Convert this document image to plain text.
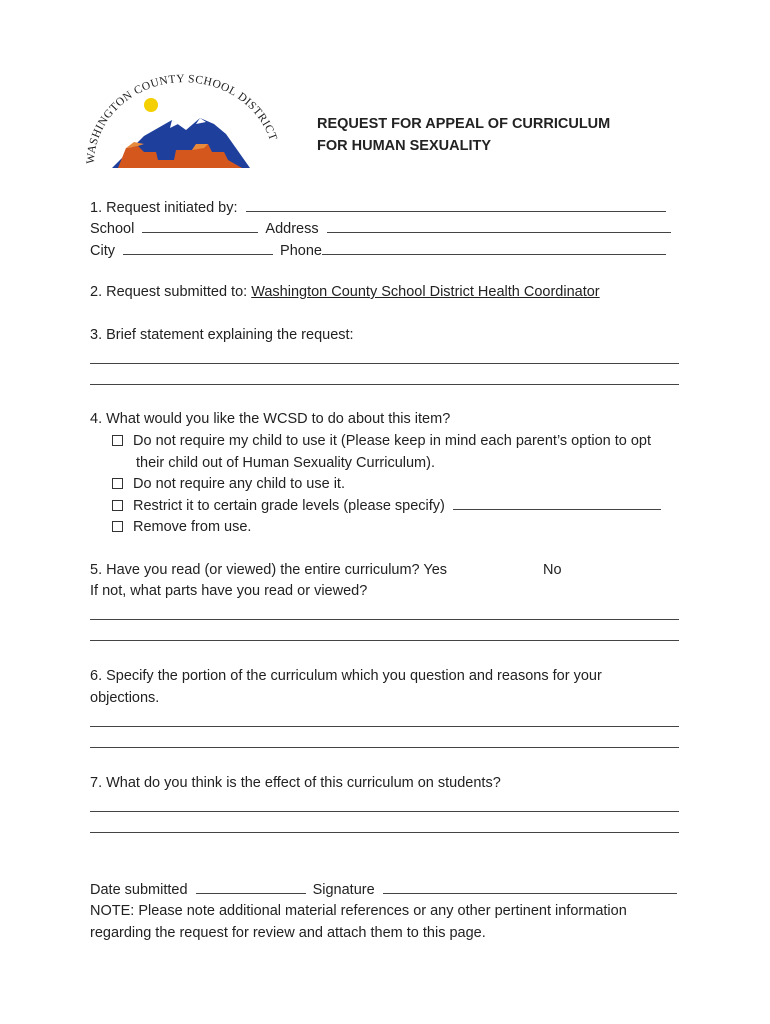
WASHINGTON COUNTY SCHOOL DISTRICT
REQUEST FOR APPEAL OF CURRICULUM
FOR HUMAN SEXUALITY
1. Request initiated by:
School	Address
City	Phone
2. Request submitted to: Washington County School District Health Coordinator
3. Brief statement explaining the request:
4. What would you like the WCSD to do about this item?
Do not require my child to use it (Please keep in mind each parent’s option to opt
their child out of Human Sexuality Curriculum).
Do not require any child to use it.
Restrict it to certain grade levels (please specify)
Remove from use.
5. Have you read (or viewed) the entire curriculum? Yes	No
If not, what parts have you read or viewed?
6. Specify the portion of the curriculum which you question and reasons for your
objections.
7. What do you think is the effect of this curriculum on students?
Date submitted	Signature
NOTE: Please note additional material references or any other pertinent information
regarding the request for review and attach them to this page.
